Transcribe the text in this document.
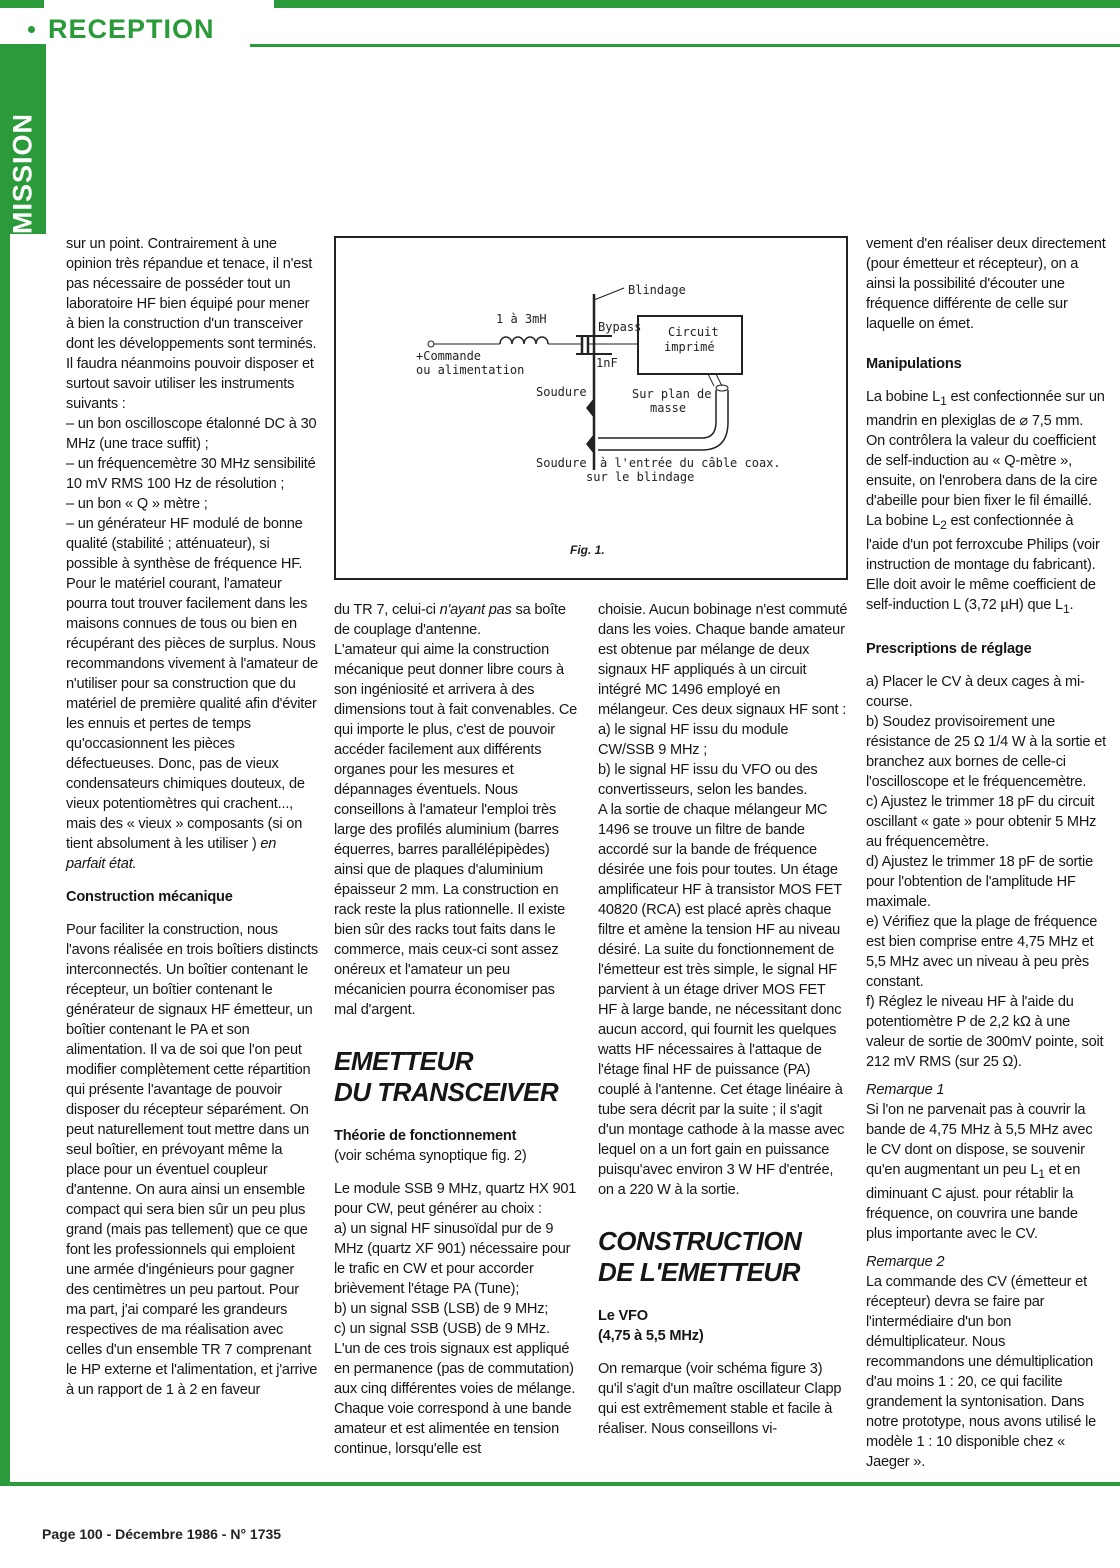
RECEPTION
EMISSION
Page 100 - Décembre 1986 - N° 1735

sur un point. Contrairement à une opinion très répandue et tenace, il n'est pas nécessaire de posséder tout un laboratoire HF bien équipé pour mener à bien la construction d'un transceiver dont les développements sont terminés. Il faudra néanmoins pouvoir disposer et surtout savoir utiliser les instruments suivants :

– un bon oscilloscope étalonné DC à 30 MHz (une trace suffit) ;

– un fréquencemètre 30 MHz sensibilité 10 mV RMS 100 Hz de résolution ;

– un bon « Q » mètre ;

– un générateur HF modulé de bonne qualité (stabilité ; atténuateur), si possible à synthèse de fréquence HF.

Pour le matériel courant, l'amateur pourra tout trouver facilement dans les maisons connues de tous ou bien en récupérant des pièces de surplus. Nous recommandons vivement à l'amateur de n'utiliser pour sa construction que du matériel de première qualité afin d'éviter les ennuis et pertes de temps qu'occasionnent les pièces défectueuses. Donc, pas de vieux condensateurs chimiques douteux, de vieux potentiomètres qui crachent..., mais des « vieux » composants (si on tient absolument à les utiliser ) en parfait état.

Construction mécanique

Pour faciliter la construction, nous l'avons réalisée en trois boîtiers distincts interconnectés. Un boîtier contenant le récepteur, un boîtier contenant le générateur de signaux HF émetteur, un boîtier contenant le PA et son alimentation. Il va de soi que l'on peut modifier complètement cette répartition qui présente l'avantage de pouvoir disposer du récepteur séparément. On peut naturellement tout mettre dans un seul boîtier, en prévoyant même la place pour un éventuel coupleur d'antenne. On aura ainsi un ensemble compact qui sera bien sûr un peu plus grand (mais pas tellement) que ce que font les professionnels qui emploient une armée d'ingénieurs pour gagner des centimètres un peu partout. Pour ma part, j'ai comparé les grandeurs respectives de ma réalisation avec celles d'un ensemble TR 7 comprenant le HP externe et l'alimentation, et j'arrive à un rapport de 1 à 2 en faveur

Blindage
+Commande
ou alimentation
1 à 3mH
Bypass
1nF
Circuit
imprimé
Soudure	Sur plan de
masse
Soudure à l'entrée du câble coax.
sur le blindage
Fig. 1.

du TR 7, celui-ci n'ayant pas sa boîte de couplage d'antenne.

L'amateur qui aime la construction mécanique peut donner libre cours à son ingéniosité et arrivera à des dimensions tout à fait convenables. Ce qui importe le plus, c'est de pouvoir accéder facilement aux différents organes pour les mesures et dépannages éventuels. Nous conseillons à l'amateur l'emploi très large des profilés aluminium (barres équerres, barres parallélépipèdes) ainsi que de plaques d'aluminium épaisseur 2 mm. La construction en rack reste la plus rationnelle. Il existe bien sûr des racks tout faits dans le commerce, mais ceux-ci sont assez onéreux et l'amateur un peu mécanicien pourra économiser pas mal d'argent.

EMETTEUR
DU TRANSCEIVER

Théorie de fonctionnement

(voir schéma synoptique fig. 2)

Le module SSB 9 MHz, quartz HX 901 pour CW, peut générer au choix :

a) un signal HF sinusoïdal pur de 9 MHz (quartz XF 901) nécessaire pour le trafic en CW et pour accorder brièvement l'étage PA (Tune);

b) un signal SSB (LSB) de 9 MHz;

c) un signal SSB (USB) de 9 MHz.

L'un de ces trois signaux est appliqué en permanence (pas de commutation) aux cinq différentes voies de mélange. Chaque voie correspond à une bande amateur et est alimentée en tension continue, lorsqu'elle est

choisie. Aucun bobinage n'est commuté dans les voies. Chaque bande amateur est obtenue par mélange de deux signaux HF appliqués à un circuit intégré MC 1496 employé en mélangeur. Ces deux signaux HF sont :

a) le signal HF issu du module CW/SSB 9 MHz ;

b) le signal HF issu du VFO ou des convertisseurs, selon les bandes.

A la sortie de chaque mélangeur MC 1496 se trouve un filtre de bande accordé sur la bande de fréquence désirée une fois pour toutes. Un étage amplificateur HF à transistor MOS FET 40820 (RCA) est placé après chaque filtre et amène la tension HF au niveau désiré. La suite du fonctionnement de l'émetteur est très simple, le signal HF parvient à un étage driver MOS FET HF à large bande, ne nécessitant donc aucun accord, qui fournit les quelques watts HF nécessaires à l'attaque de l'étage final HF de puissance (PA) couplé à l'antenne. Cet étage linéaire à tube sera décrit par la suite ; il s'agit d'un montage cathode à la masse avec lequel on a un fort gain en puissance puisqu'avec environ 3 W HF d'entrée, on a 220 W à la sortie.

CONSTRUCTION
DE L'EMETTEUR

Le VFO

(4,75 à 5,5 MHz)

On remarque (voir schéma figure 3) qu'il s'agit d'un maître oscillateur Clapp qui est extrêmement stable et facile à réaliser. Nous conseillons vi-

vement d'en réaliser deux directement (pour émetteur et récepteur), on a ainsi la possibilité d'écouter une fréquence différente de celle sur laquelle on émet.

Manipulations

La bobine $L_1$ est confectionnée sur un mandrin en plexiglas de ⌀ 7,5 mm. On contrôlera la valeur du coefficient de self-induction au « Q-mètre », ensuite, on l'enrobera dans de la cire d'abeille pour bien fixer le fil émaillé. La bobine $L_2$ est confectionnée à l'aide d'un pot ferroxcube Philips (voir instruction de montage du fabricant). Elle doit avoir le même coefficient de self-induction L (3,72 µH) que $L_1$.

Prescriptions de réglage

a) Placer le CV à deux cages à mi-course.

b) Soudez provisoirement une résistance de 25 Ω 1/4 W à la sortie et branchez aux bornes de celle-ci l'oscilloscope et le fréquencemètre.

c) Ajustez le trimmer 18 pF du circuit oscillant « gate » pour obtenir 5 MHz au fréquencemètre.

d) Ajustez le trimmer 18 pF de sortie pour l'obtention de l'amplitude HF maximale.

e) Vérifiez que la plage de fréquence est bien comprise entre 4,75 MHz et 5,5 MHz avec un niveau à peu près constant.

f) Réglez le niveau HF à l'aide du potentiomètre P de 2,2 kΩ à une valeur de sortie de 300mV pointe, soit 212 mV RMS (sur 25 Ω).

Remarque 1

Si l'on ne parvenait pas à couvrir la bande de 4,75 MHz à 5,5 MHz avec le CV dont on dispose, se souvenir qu'en augmentant un peu $L_1$ et en diminuant C ajust. pour rétablir la fréquence, on couvrira une bande plus importante avec le CV.

Remarque 2

La commande des CV (émetteur et récepteur) devra se faire par l'intermédiaire d'un bon démultiplicateur. Nous recommandons une démultiplication d'au moins 1 : 20, ce qui facilite grandement la syntonisation. Dans notre prototype, nous avons utilisé le modèle 1 : 10 disponible chez « Jaeger ».
